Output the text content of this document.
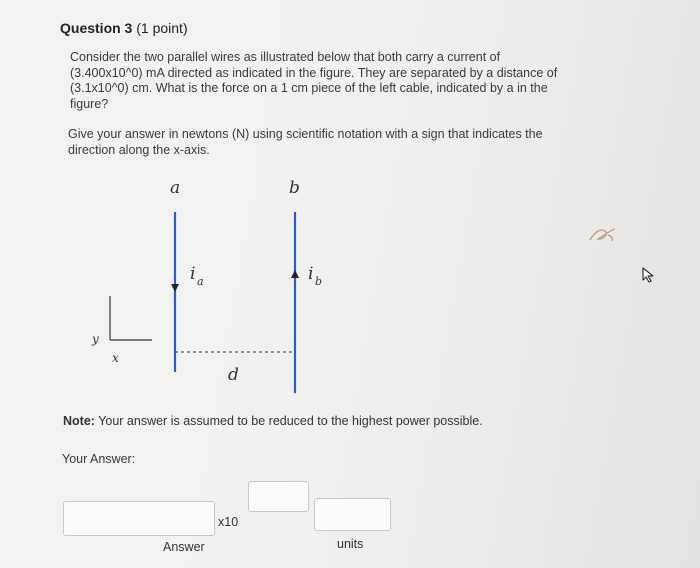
Question 3 (1 point)
Consider the two parallel wires as illustrated below that both carry a current of (3.400x10^0) mA directed as indicated in the figure. They are separated by a distance of (3.1x10^0) cm. What is the force on a 1 cm piece of the left cable, indicated by a in the figure?
Give your answer in newtons (N) using scientific notation with a sign that indicates the direction along the x-axis.
a	b
i a	i b
d
y
x
Note: Your answer is assumed to be reduced to the highest power possible.
Your Answer:
x10
Answer	units
